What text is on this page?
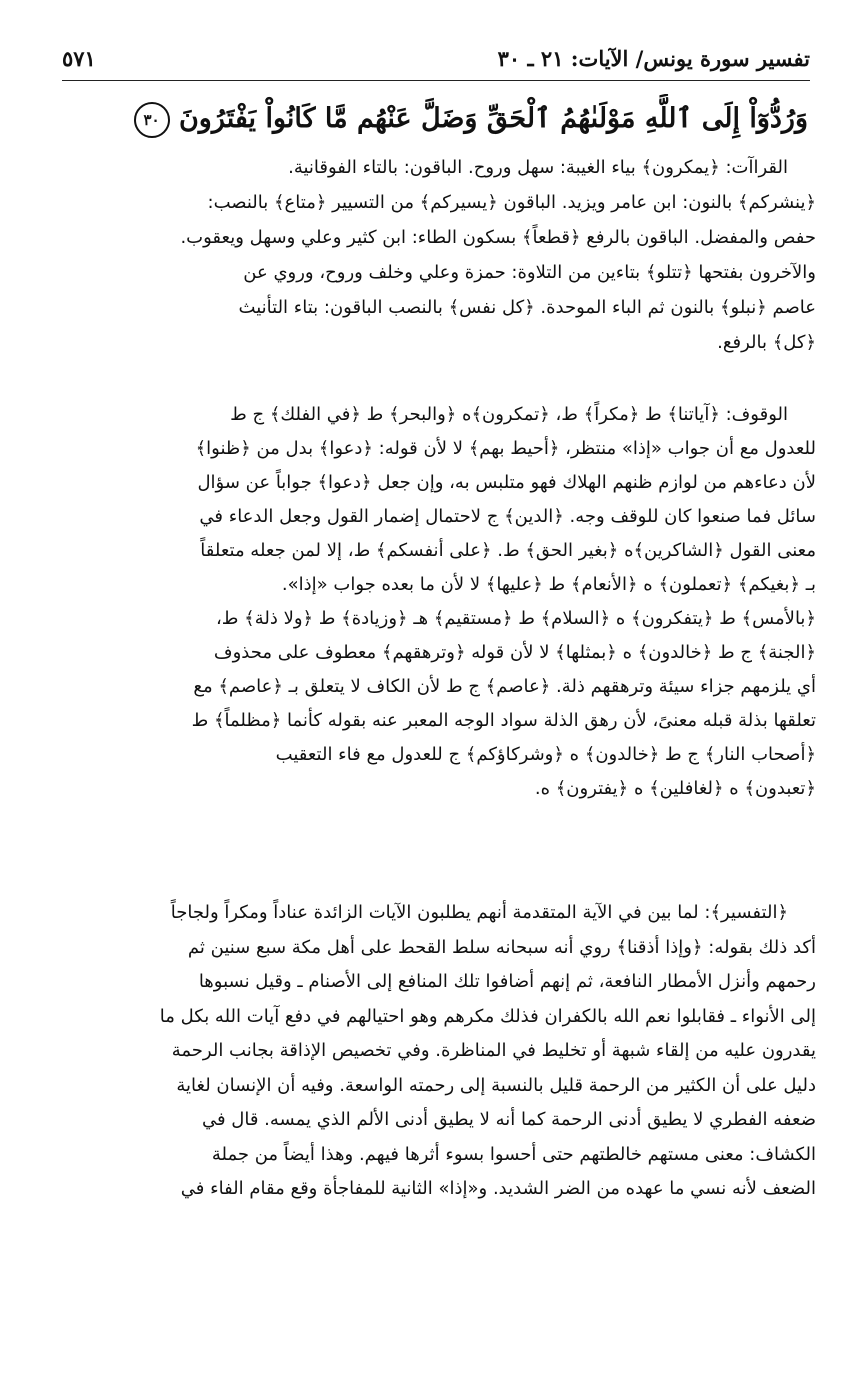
تفسير سورة يونس/ الآيات: ٢١ ـ ٣٠
٥٧١
وَرُدُّوٓاْ إِلَى ٱللَّهِ مَوْلَىٰهُمُ ٱلْحَقِّ وَضَلَّ عَنْهُم مَّا كَانُواْ يَفْتَرُونَ ٣٠
القراآت: ﴿يمكرون﴾ بياء الغيبة: سهل وروح. الباقون: بالتاء الفوقانية.
﴿ينشركم﴾ بالنون: ابن عامر ويزيد. الباقون ﴿يسيركم﴾ من التسيير ﴿متاع﴾ بالنصب:
حفص والمفضل. الباقون بالرفع ﴿قطعاً﴾ بسكون الطاء: ابن كثير وعلي وسهل ويعقوب.
والآخرون بفتحها ﴿تتلو﴾ بتاءين من التلاوة: حمزة وعلي وخلف وروح، وروي عن
عاصم ﴿نبلو﴾ بالنون ثم الباء الموحدة. ﴿كل نفس﴾ بالنصب الباقون: بتاء التأنيث
﴿كل﴾ بالرفع.
الوقوف: ﴿آياتنا﴾ ط ﴿مكراً﴾ ط، ﴿تمكرون﴾ه ﴿والبحر﴾ ط ﴿في الفلك﴾ ج ط
للعدول مع أن جواب «إذا» منتظر، ﴿أحيط بهم﴾ لا لأن قوله: ﴿دعوا﴾ بدل من ﴿ظنوا﴾
لأن دعاءهم من لوازم ظنهم الهلاك فهو متلبس به، وإن جعل ﴿دعوا﴾ جواباً عن سؤال
سائل فما صنعوا كان للوقف وجه. ﴿الدين﴾ ج لاحتمال إضمار القول وجعل الدعاء في
معنى القول ﴿الشاكرين﴾ه ﴿بغير الحق﴾ ط. ﴿على أنفسكم﴾ ط، إلا لمن جعله متعلقاً
بـ ﴿بغيكم﴾ ﴿تعملون﴾ ه ﴿الأنعام﴾ ط ﴿عليها﴾ لا لأن ما بعده جواب «إذا».
﴿بالأمس﴾ ط ﴿يتفكرون﴾ ه ﴿السلام﴾ ط ﴿مستقيم﴾ هـ ﴿وزيادة﴾ ط ﴿ولا ذلة﴾ ط،
﴿الجنة﴾ ج ط ﴿خالدون﴾ ه ﴿بمثلها﴾ لا لأن قوله ﴿وترهقهم﴾ معطوف على محذوف
أي يلزمهم جزاء سيئة وترهقهم ذلة. ﴿عاصم﴾ ج ط لأن الكاف لا يتعلق بـ ﴿عاصم﴾ مع
تعلقها بذلة قبله معنىً، لأن رهق الذلة سواد الوجه المعبر عنه بقوله كأنما ﴿مظلماً﴾ ط
﴿أصحاب النار﴾ ج ط ﴿خالدون﴾ ه ﴿وشركاؤكم﴾ ج للعدول مع فاء التعقيب
﴿تعبدون﴾ ه ﴿لغافلين﴾ ه ﴿يفترون﴾ ه.
﴿التفسير﴾: لما بين في الآية المتقدمة أنهم يطلبون الآيات الزائدة عناداً ومكراً ولجاجاً
أكد ذلك بقوله: ﴿وإذا أذقنا﴾ روي أنه سبحانه سلط القحط على أهل مكة سبع سنين ثم
رحمهم وأنزل الأمطار النافعة، ثم إنهم أضافوا تلك المنافع إلى الأصنام ـ وقيل نسبوها
إلى الأنواء ـ فقابلوا نعم الله بالكفران فذلك مكرهم وهو احتيالهم في دفع آيات الله بكل ما
يقدرون عليه من إلقاء شبهة أو تخليط في المناظرة. وفي تخصيص الإذاقة بجانب الرحمة
دليل على أن الكثير من الرحمة قليل بالنسبة إلى رحمته الواسعة. وفيه أن الإنسان لغاية
ضعفه الفطري لا يطيق أدنى الرحمة كما أنه لا يطيق أدنى الألم الذي يمسه. قال في
الكشاف: معنى مستهم خالطتهم حتى أحسوا بسوء أثرها فيهم. وهذا أيضاً من جملة
الضعف لأنه نسي ما عهده من الضر الشديد. و«إذا» الثانية للمفاجأة وقع مقام الفاء في
